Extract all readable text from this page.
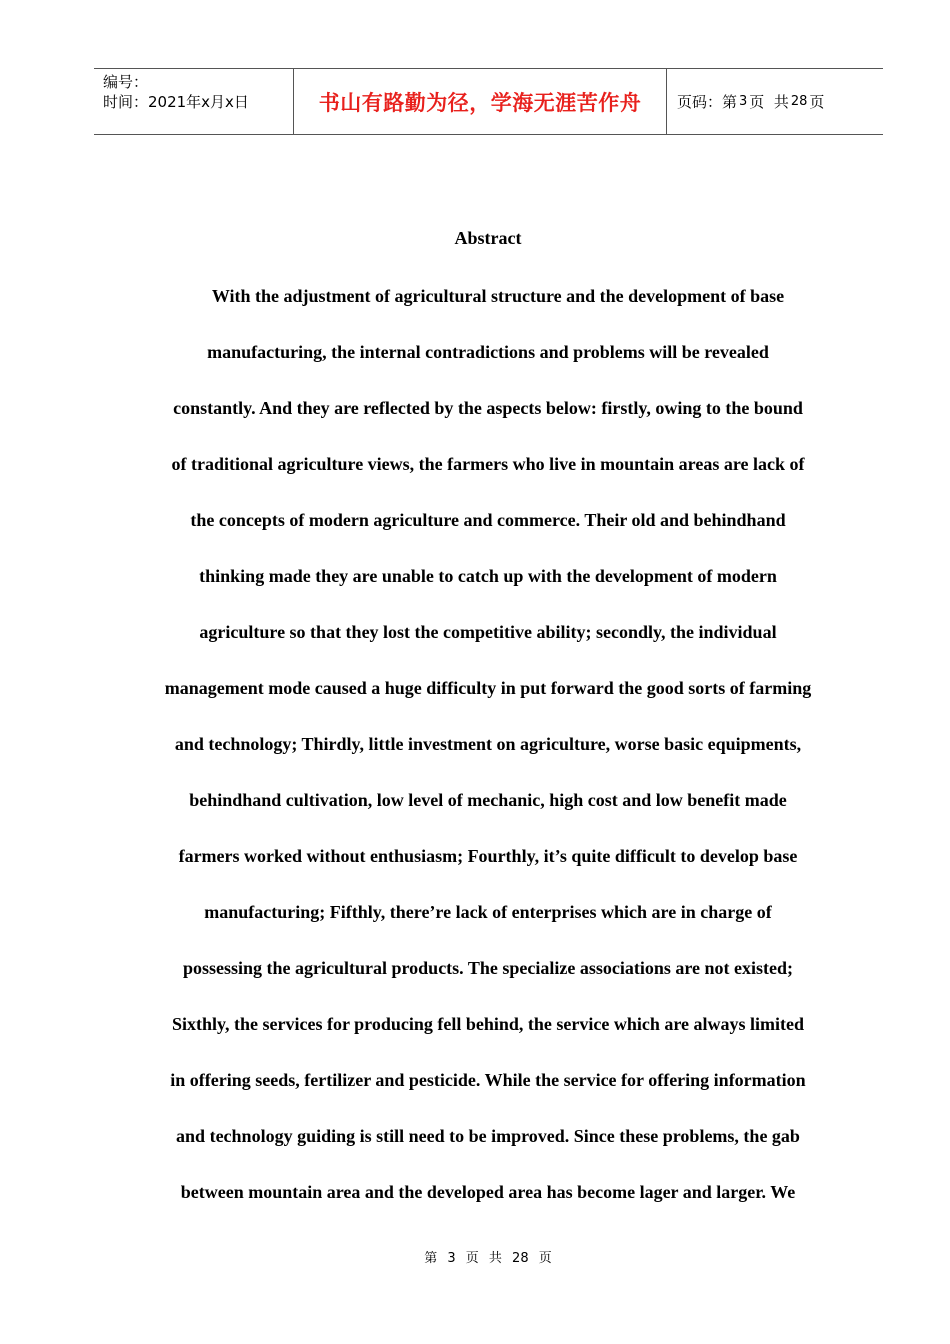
编号：
时间：2021年x月x日	书山有路勤为径，学海无涯苦作舟	页码：第 3 页  共 28 页
Abstract
With the adjustment of agricultural structure and the development of base
manufacturing, the internal contradictions and problems will be revealed
constantly. And they are reflected by the aspects below: firstly, owing to the bound
of traditional agriculture views, the farmers who live in mountain areas are lack of
the concepts of modern agriculture and commerce. Their old and behindhand
thinking made they are unable to catch up with the development of modern
agriculture so that they lost the competitive ability; secondly, the individual
management mode caused a huge difficulty in put forward the good sorts of farming
and technology; Thirdly, little investment on agriculture, worse basic equipments,
behindhand cultivation, low level of mechanic, high cost and low benefit made
farmers worked without enthusiasm; Fourthly, it’s quite difficult to develop base
manufacturing; Fifthly, there’re lack of enterprises which are in charge of
possessing the agricultural products. The specialize associations are not existed;
Sixthly, the services for producing fell behind, the service which are always limited
in offering seeds, fertilizer and pesticide. While the service for offering information
and technology guiding is still need to be improved. Since these problems, the gab
between mountain area and the developed area has become lager and larger. We
第 3 页 共 28 页
